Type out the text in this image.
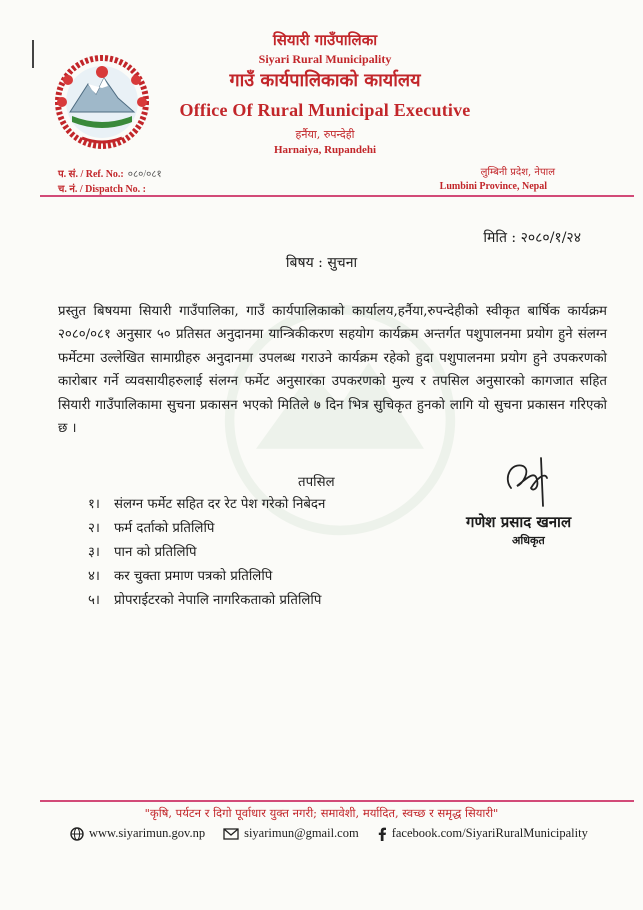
सियारी गाउँपालिका
Siyari Rural Municipality
गाउँ कार्यपालिकाको कार्यालय
Office Of Rural Municipal Executive
हर्नैया, रुपन्देही
Harnaiya, Rupandehi
प. सं. / Ref. No.: ०८०/०८१
च. नं. / Dispatch No. :
लुम्बिनी प्रदेश, नेपाल
Lumbini Province, Nepal
मिति : २०८०/१/२४
बिषय : सुचना
प्रस्तुत बिषयमा सियारी गाउँपालिका, गाउँ कार्यपालिकाको कार्यालय,हर्नैया,रुपन्देहीको स्वीकृत बार्षिक कार्यक्रम २०८०/०८१ अनुसार ५० प्रतिसत अनुदानमा यान्त्रिकीकरण सहयोग कार्यक्रम अन्तर्गत पशुपालनमा प्रयोग हुने संलग्न फर्मेटमा उल्लेखित सामाग्रीहरु अनुदानमा उपलब्ध गराउने कार्यक्रम रहेको हुदा पशुपालनमा प्रयोग हुने उपकरणको कारोबार गर्ने व्यवसायीहरुलाई संलग्न फर्मेट अनुसारका उपकरणको मुल्य र तपसिल अनुसारको कागजात सहित सियारी गाउँपालिकामा सुचना प्रकासन भएको मितिले ७ दिन भित्र सुचिकृत हुनको लागि यो सुचना प्रकासन गरिएको छ ।
तपसिल
१।	संलग्न फर्मेट सहित दर रेट पेश गरेको निबेदन
२।	फर्म दर्ताको प्रतिलिपि
३।	पान को प्रतिलिपि
४।	कर चुक्ता प्रमाण पत्रको प्रतिलिपि
५।	प्रोपराईटरको नेपालि नागरिकताको प्रतिलिपि
गणेश प्रसाद खनाल
अधिकृत
"कृषि, पर्यटन र दिगो पूर्वाधार युक्त नगरी; समावेशी, मर्यादित, स्वच्छ र समृद्ध सियारी"
www.siyarimun.gov.np	siyarimun@gmail.com	facebook.com/SiyariRuralMunicipality
